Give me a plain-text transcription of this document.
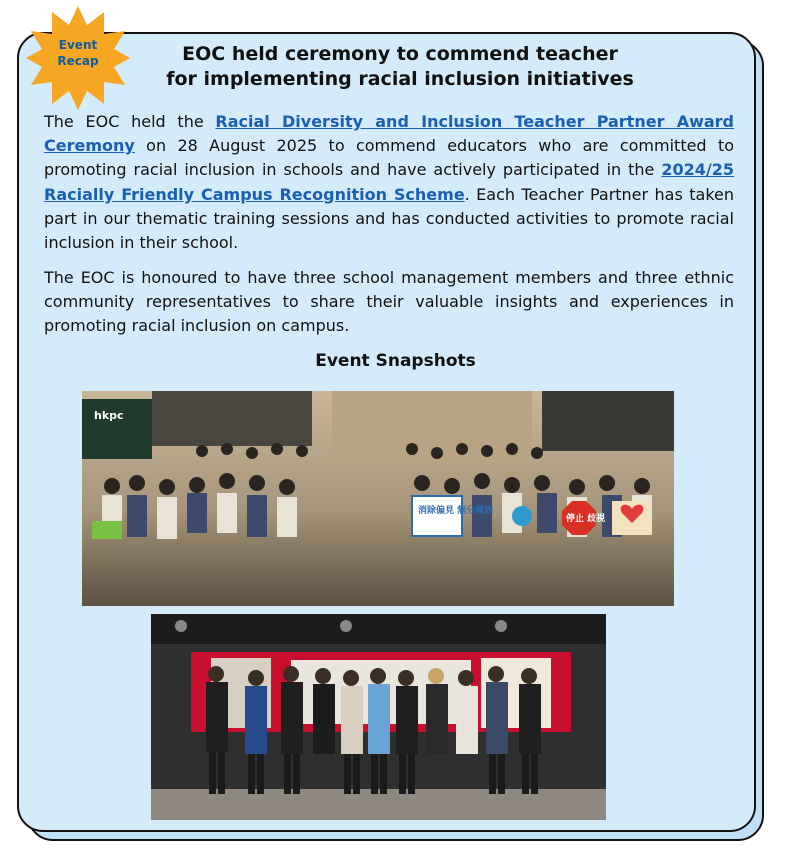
Event
Recap	EOC held ceremony to commend teacher
for implementing racial inclusion initiatives

The EOC held the Racial Diversity and Inclusion Teacher Partner Award Ceremony on 28 August 2025 to commend educators who are committed to promoting racial inclusion in schools and have actively participated in the 2024/25 Racially Friendly Campus Recognition Scheme. Each Teacher Partner has taken part in our thematic training sessions and has conducted activities to promote racial inclusion in their school.

The EOC is honoured to have three school management members and three ethnic community representatives to share their valuable insights and experiences in promoting racial inclusion on campus.

Event Snapshots
hkpc
消除偏見 無分種族
停止 歧視
